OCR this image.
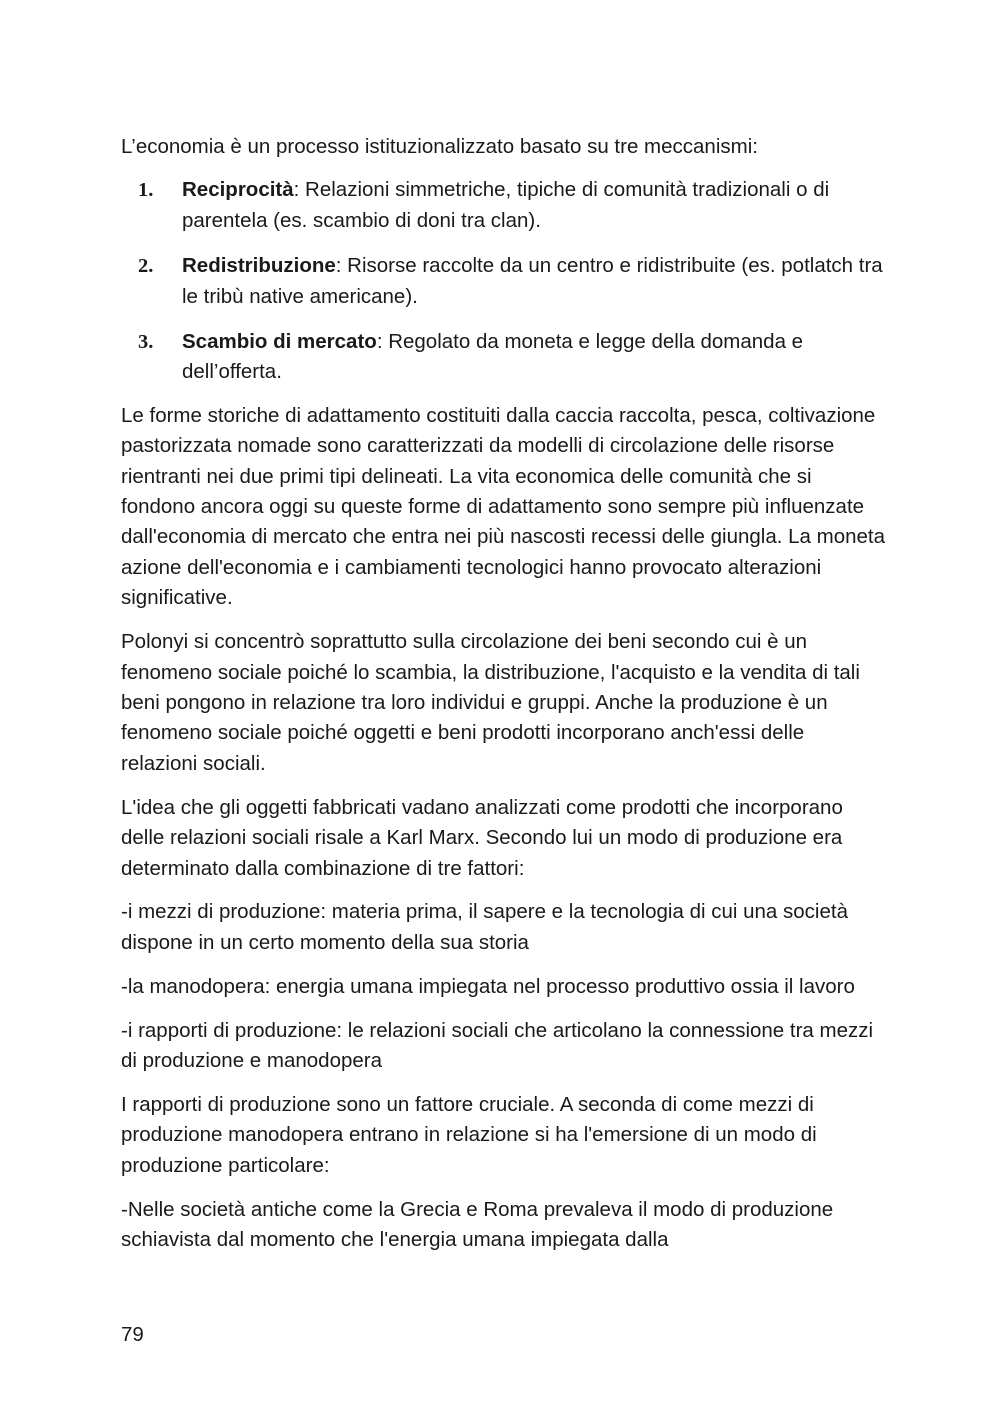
L’economia è un processo istituzionalizzato basato su tre meccanismi:

1. Reciprocità: Relazioni simmetriche, tipiche di comunità tradizionali o di parentela (es. scambio di doni tra clan).
2. Redistribuzione: Risorse raccolte da un centro e ridistribuite (es. potlatch tra le tribù native americane).
3. Scambio di mercato: Regolato da moneta e legge della domanda e dell’offerta.

Le forme storiche di adattamento costituiti dalla caccia raccolta, pesca, coltivazione pastorizzata nomade sono caratterizzati da modelli di circolazione delle risorse rientranti nei due primi tipi delineati. La vita economica delle comunità che si fondono ancora oggi su queste forme di adattamento sono sempre più influenzate dall'economia di mercato che entra nei più nascosti recessi delle giungla. La moneta azione dell'economia e i cambiamenti tecnologici hanno provocato alterazioni significative.

Polonyi si concentrò soprattutto sulla circolazione dei beni secondo cui è un fenomeno sociale poiché lo scambia, la distribuzione, l'acquisto e la vendita di tali beni pongono in relazione tra loro individui e gruppi. Anche la produzione è un fenomeno sociale poiché oggetti e beni prodotti incorporano anch'essi delle relazioni sociali.

L'idea che gli oggetti fabbricati vadano analizzati come prodotti che incorporano delle relazioni sociali risale a Karl Marx. Secondo lui un modo di produzione era determinato dalla combinazione di tre fattori:

-i mezzi di produzione: materia prima, il sapere e la tecnologia di cui una società dispone in un certo momento della sua storia

-la manodopera: energia umana impiegata nel processo produttivo ossia il lavoro

-i rapporti di produzione: le relazioni sociali che articolano la connessione tra mezzi di produzione e manodopera

I rapporti di produzione sono un fattore cruciale. A seconda di come mezzi di produzione manodopera entrano in relazione si ha l'emersione di un modo di produzione particolare:

-Nelle società antiche come la Grecia e Roma prevaleva il modo di produzione schiavista dal momento che l'energia umana impiegata dalla

79
